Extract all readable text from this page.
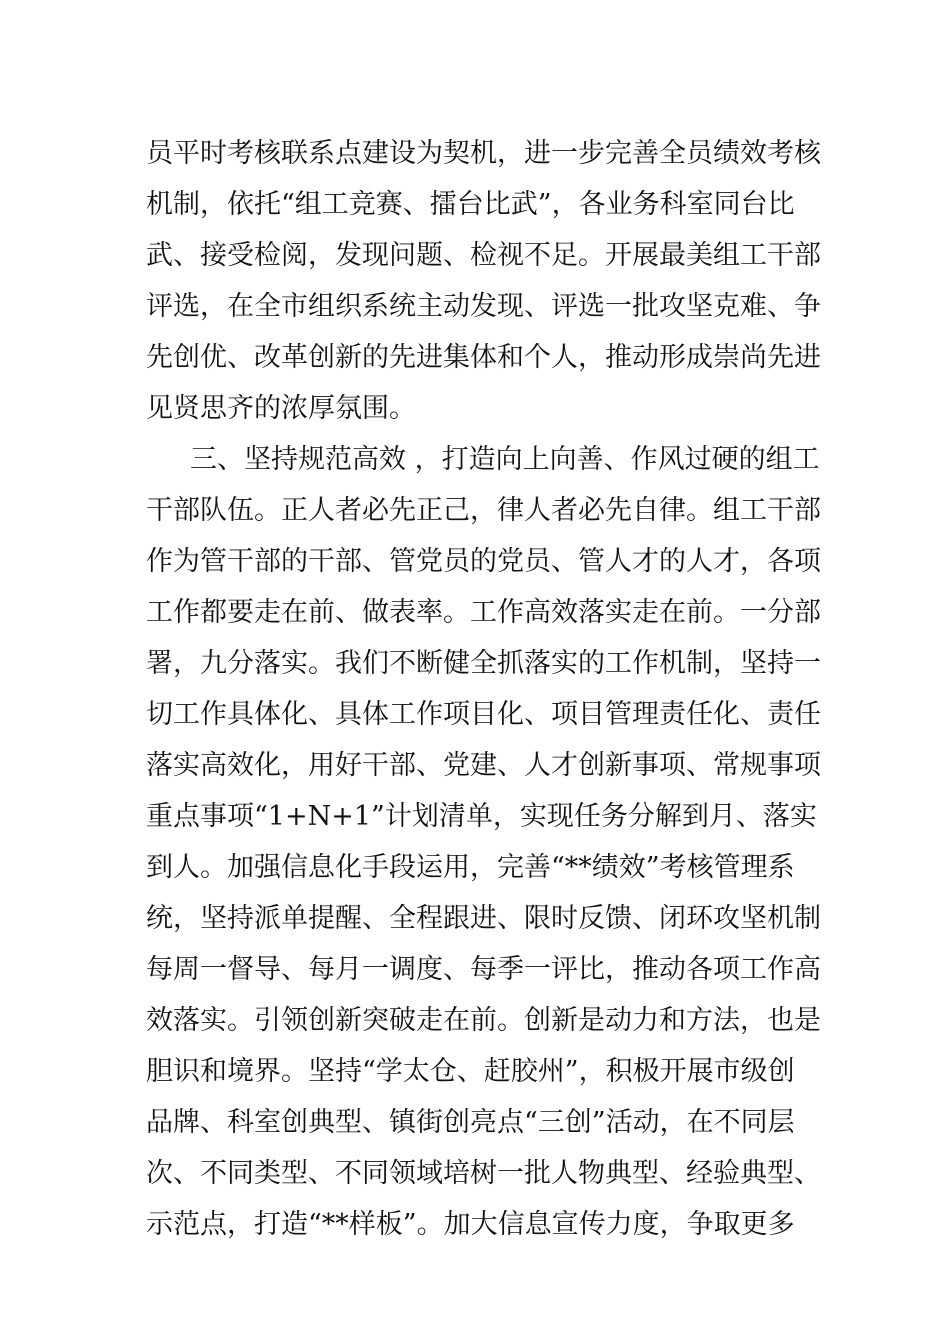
员平时考核联系点建设为契机，进一步完善全员绩效考核
机制，依托“组工竞赛、擂台比武”，各业务科室同台比
武、接受检阅，发现问题、检视不足。开展最美组工干部
评选，在全市组织系统主动发现、评选一批攻坚克难、争
先创优、改革创新的先进集体和个人，推动形成崇尚先进
见贤思齐的浓厚氛围。
三、坚持规范高效 ，打造向上向善、作风过硬的组工
干部队伍。正人者必先正己，律人者必先自律。组工干部
作为管干部的干部、管党员的党员、管人才的人才，各项
工作都要走在前、做表率。工作高效落实走在前。一分部
署，九分落实。我们不断健全抓落实的工作机制，坚持一
切工作具体化、具体工作项目化、项目管理责任化、责任
落实高效化，用好干部、党建、人才创新事项、常规事项
重点事项“1+N+1”计划清单，实现任务分解到月、落实
到人。加强信息化手段运用，完善“**绩效”考核管理系
统，坚持派单提醒、全程跟进、限时反馈、闭环攻坚机制
每周一督导、每月一调度、每季一评比，推动各项工作高
效落实。引领创新突破走在前。创新是动力和方法，也是
胆识和境界。坚持“学太仓、赶胶州”，积极开展市级创
品牌、科室创典型、镇街创亮点“三创”活动，在不同层
次、不同类型、不同领域培树一批人物典型、经验典型、
示范点，打造“**样板”。加大信息宣传力度，争取更多
